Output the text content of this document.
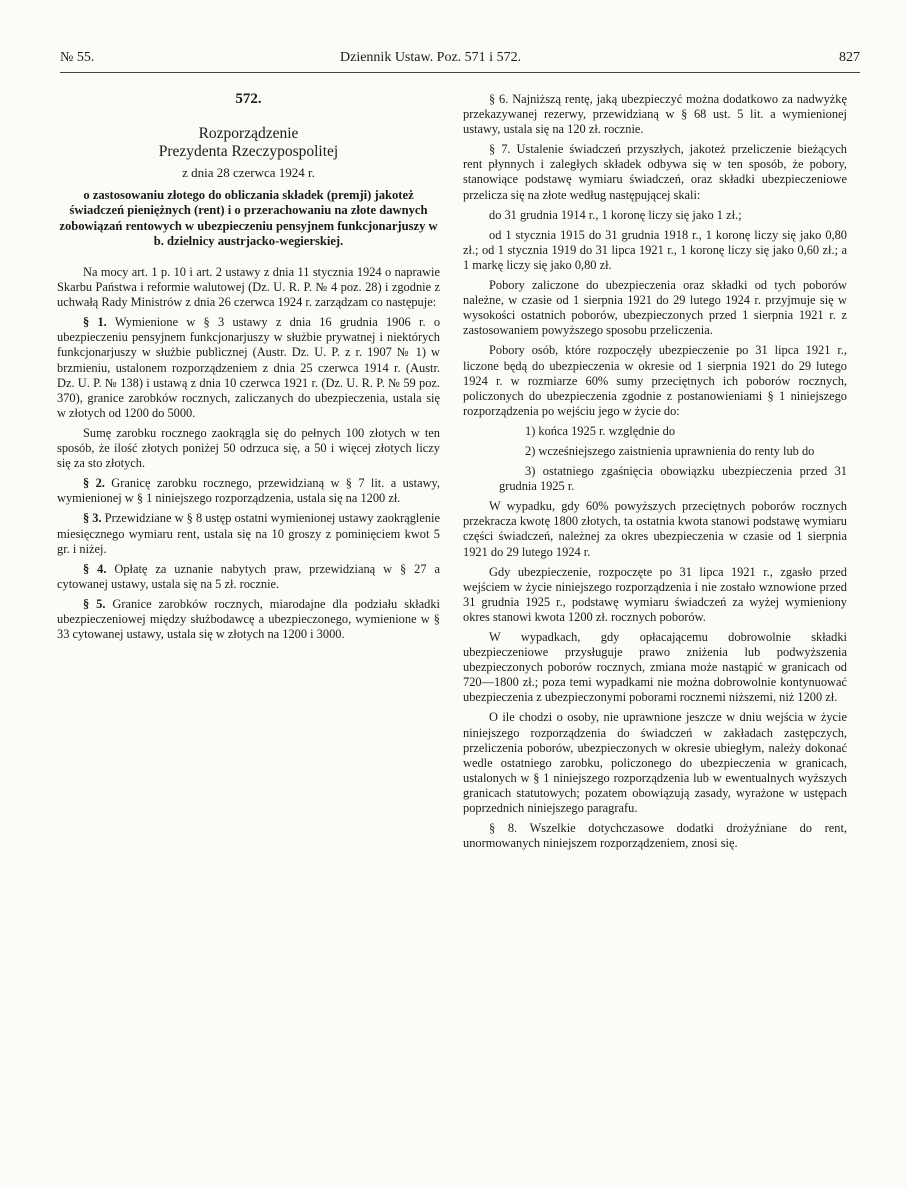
№ 55.	Dziennik Ustaw. Poz. 571 i 572.	827
572.
Rozporządzenie
Prezydenta Rzeczypospolitej
z dnia 28 czerwca 1924 r.
o zastosowaniu złotego do obliczania składek (premji) jakoteż świadczeń pieniężnych (rent) i o przerachowaniu na złote dawnych zobowiązań rentowych w ubezpieczeniu pensyjnem funkcjonarjuszy w b. dzielnicy austrjacko-wegierskiej.

Na mocy art. 1 p. 10 i art. 2 ustawy z dnia 11 stycznia 1924 o naprawie Skarbu Państwa i reformie walutowej (Dz. U. R. P. № 4 poz. 28) i zgodnie z uchwałą Rady Ministrów z dnia 26 czerwca 1924 r. zarządzam co następuje:

§ 1. Wymienione w § 3 ustawy z dnia 16 grudnia 1906 r. o ubezpieczeniu pensyjnem funkcjonarjuszy w służbie prywatnej i niektórych funkcjonarjuszy w służbie publicznej (Austr. Dz. U. P. z r. 1907 № 1) w brzmieniu, ustalonem rozporządzeniem z dnia 25 czerwca 1914 r. (Austr. Dz. U. P. № 138) i ustawą z dnia 10 czerwca 1921 r. (Dz. U. R. P. № 59 poz. 370), granice zarobków rocznych, zaliczanych do ubezpieczenia, ustala się w złotych od 1200 do 5000.

Sumę zarobku rocznego zaokrągla się do pełnych 100 złotych w ten sposób, że ilość złotych poniżej 50 odrzuca się, a 50 i więcej złotych liczy się za sto złotych.

§ 2. Granicę zarobku rocznego, przewidzianą w § 7 lit. a ustawy, wymienionej w § 1 niniejszego rozporządzenia, ustala się na 1200 zł.

§ 3. Przewidziane w § 8 ustęp ostatni wymienionej ustawy zaokrąglenie miesięcznego wymiaru rent, ustala się na 10 groszy z pominięciem kwot 5 gr. i niżej.

§ 4. Opłatę za uznanie nabytych praw, przewidzianą w § 27 a cytowanej ustawy, ustala się na 5 zł. rocznie.

§ 5. Granice zarobków rocznych, miarodajne dla podziału składki ubezpieczeniowej między służbodawcę a ubezpieczonego, wymienione w § 33 cytowanej ustawy, ustala się w złotych na 1200 i 3000.

§ 6. Najniższą rentę, jaką ubezpieczyć można dodatkowo za nadwyżkę przekazywanej rezerwy, przewidzianą w § 68 ust. 5 lit. a wymienionej ustawy, ustala się na 120 zł. rocznie.

§ 7. Ustalenie świadczeń przyszłych, jakoteż przeliczenie bieżących rent płynnych i zaległych składek odbywa się w ten sposób, że pobory, stanowiące podstawę wymiaru świadczeń, oraz składki ubezpieczeniowe przelicza się na złote według następującej skali:

do 31 grudnia 1914 r., 1 koronę liczy się jako 1 zł.;

od 1 stycznia 1915 do 31 grudnia 1918 r., 1 koronę liczy się jako 0,80 zł.; od 1 stycznia 1919 do 31 lipca 1921 r., 1 koronę liczy się jako 0,60 zł.; a 1 markę liczy się jako 0,80 zł.

Pobory zaliczone do ubezpieczenia oraz składki od tych poborów należne, w czasie od 1 sierpnia 1921 do 29 lutego 1924 r. przyjmuje się w wysokości ostatnich poborów, ubezpieczonych przed 1 sierpnia 1921 r. z zastosowaniem powyższego sposobu przeliczenia.

Pobory osób, które rozpoczęły ubezpieczenie po 31 lipca 1921 r., liczone będą do ubezpieczenia w okresie od 1 sierpnia 1921 do 29 lutego 1924 r. w rozmiarze 60% sumy przeciętnych ich poborów rocznych, policzonych do ubezpieczenia zgodnie z postanowieniami § 1 niniejszego rozporządzenia po wejściu jego w życie do:

1) końca 1925 r. względnie do

2) wcześniejszego zaistnienia uprawnienia do renty lub do

3) ostatniego zgaśnięcia obowiązku ubezpieczenia przed 31 grudnia 1925 r.

W wypadku, gdy 60% powyższych przeciętnych poborów rocznych przekracza kwotę 1800 złotych, ta ostatnia kwota stanowi podstawę wymiaru części świadczeń, należnej za okres ubezpieczenia w czasie od 1 sierpnia 1921 do 29 lutego 1924 r.

Gdy ubezpieczenie, rozpoczęte po 31 lipca 1921 r., zgasło przed wejściem w życie niniejszego rozporządzenia i nie zostało wznowione przed 31 grudnia 1925 r., podstawę wymiaru świadczeń za wyżej wymieniony okres stanowi kwota 1200 zł. rocznych poborów.

W wypadkach, gdy opłacającemu dobrowolnie składki ubezpieczeniowe przysługuje prawo zniżenia lub podwyższenia ubezpieczonych poborów rocznych, zmiana może nastąpić w granicach od 720—1800 zł.; poza temi wypadkami nie można dobrowolnie kontynuować ubezpieczenia z ubezpieczonymi poborami rocznemi niższemi, niż 1200 zł.

O ile chodzi o osoby, nie uprawnione jeszcze w dniu wejścia w życie niniejszego rozporządzenia do świadczeń w zakładach zastępczych, przeliczenia poborów, ubezpieczonych w okresie ubiegłym, należy dokonać wedle ostatniego zarobku, policzonego do ubezpieczenia w granicach, ustalonych w § 1 niniejszego rozporządzenia lub w ewentualnych wyższych granicach statutowych; pozatem obowiązują zasady, wyrażone w ustępach poprzednich niniejszego paragrafu.

§ 8. Wszelkie dotychczasowe dodatki drożyźniane do rent, unormowanych niniejszem rozporządzeniem, znosi się.
